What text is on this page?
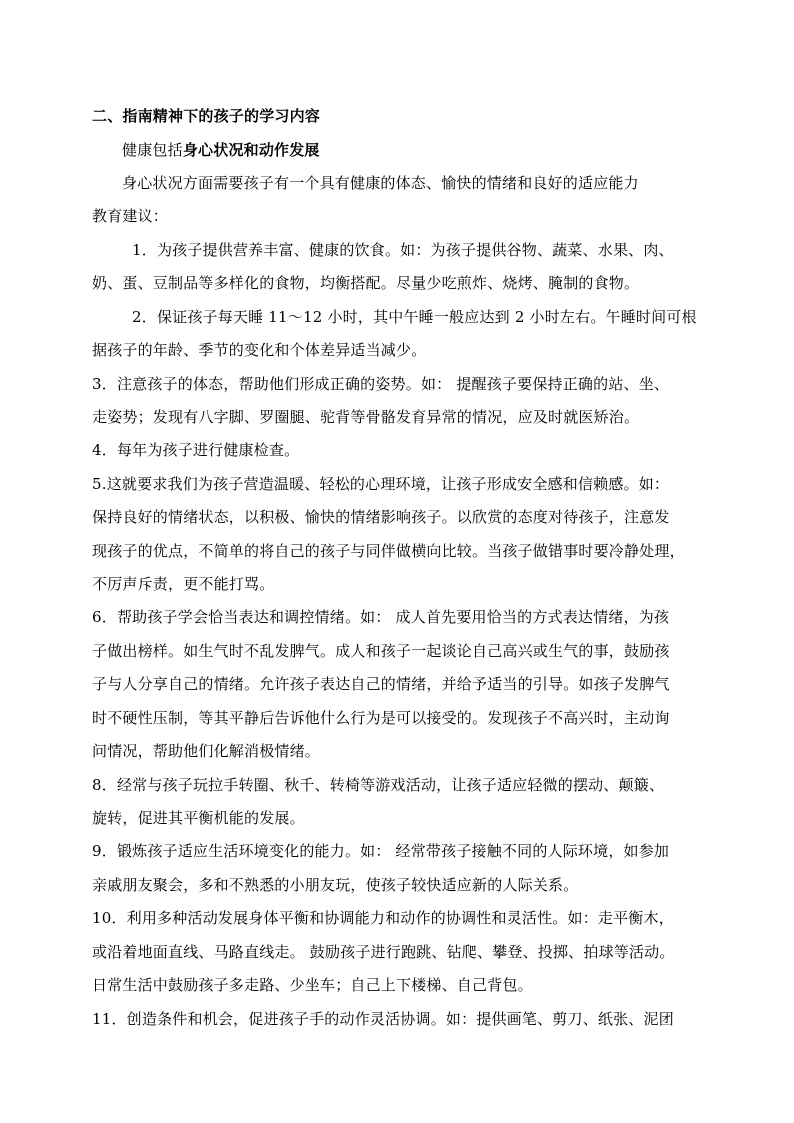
二、指南精神下的孩子的学习内容
健康包括身心状况和动作发展
身心状况方面需要孩子有一个具有健康的体态、愉快的情绪和良好的适应能力
教育建议：
1．为孩子提供营养丰富、健康的饮食。如：为孩子提供谷物、蔬菜、水果、肉、
奶、蛋、豆制品等多样化的食物，均衡搭配。尽量少吃煎炸、烧烤、腌制的食物。
2．保证孩子每天睡 11～12 小时，其中午睡一般应达到 2 小时左右。午睡时间可根
据孩子的年龄、季节的变化和个体差异适当减少。
3．注意孩子的体态，帮助他们形成正确的姿势。如： 提醒孩子要保持正确的站、坐、
走姿势；发现有八字脚、罗圈腿、驼背等骨骼发育异常的情况，应及时就医矫治。
4．每年为孩子进行健康检查。
5.这就要求我们为孩子营造温暖、轻松的心理环境，让孩子形成安全感和信赖感。如：
保持良好的情绪状态，以积极、愉快的情绪影响孩子。以欣赏的态度对待孩子，注意发
现孩子的优点，不简单的将自己的孩子与同伴做横向比较。当孩子做错事时要冷静处理，
不厉声斥责，更不能打骂。
6．帮助孩子学会恰当表达和调控情绪。如： 成人首先要用恰当的方式表达情绪，为孩
子做出榜样。如生气时不乱发脾气。成人和孩子一起谈论自己高兴或生气的事，鼓励孩
子与人分享自己的情绪。允许孩子表达自己的情绪，并给予适当的引导。如孩子发脾气
时不硬性压制，等其平静后告诉他什么行为是可以接受的。发现孩子不高兴时，主动询
问情况，帮助他们化解消极情绪。
8．经常与孩子玩拉手转圈、秋千、转椅等游戏活动，让孩子适应轻微的摆动、颠簸、
旋转，促进其平衡机能的发展。
9．锻炼孩子适应生活环境变化的能力。如： 经常带孩子接触不同的人际环境，如参加
亲戚朋友聚会，多和不熟悉的小朋友玩，使孩子较快适应新的人际关系。
10．利用多种活动发展身体平衡和协调能力和动作的协调性和灵活性。如：走平衡木，
或沿着地面直线、马路直线走。 鼓励孩子进行跑跳、钻爬、攀登、投掷、拍球等活动。
日常生活中鼓励孩子多走路、少坐车；自己上下楼梯、自己背包。
11．创造条件和机会，促进孩子手的动作灵活协调。如：提供画笔、剪刀、纸张、泥团
